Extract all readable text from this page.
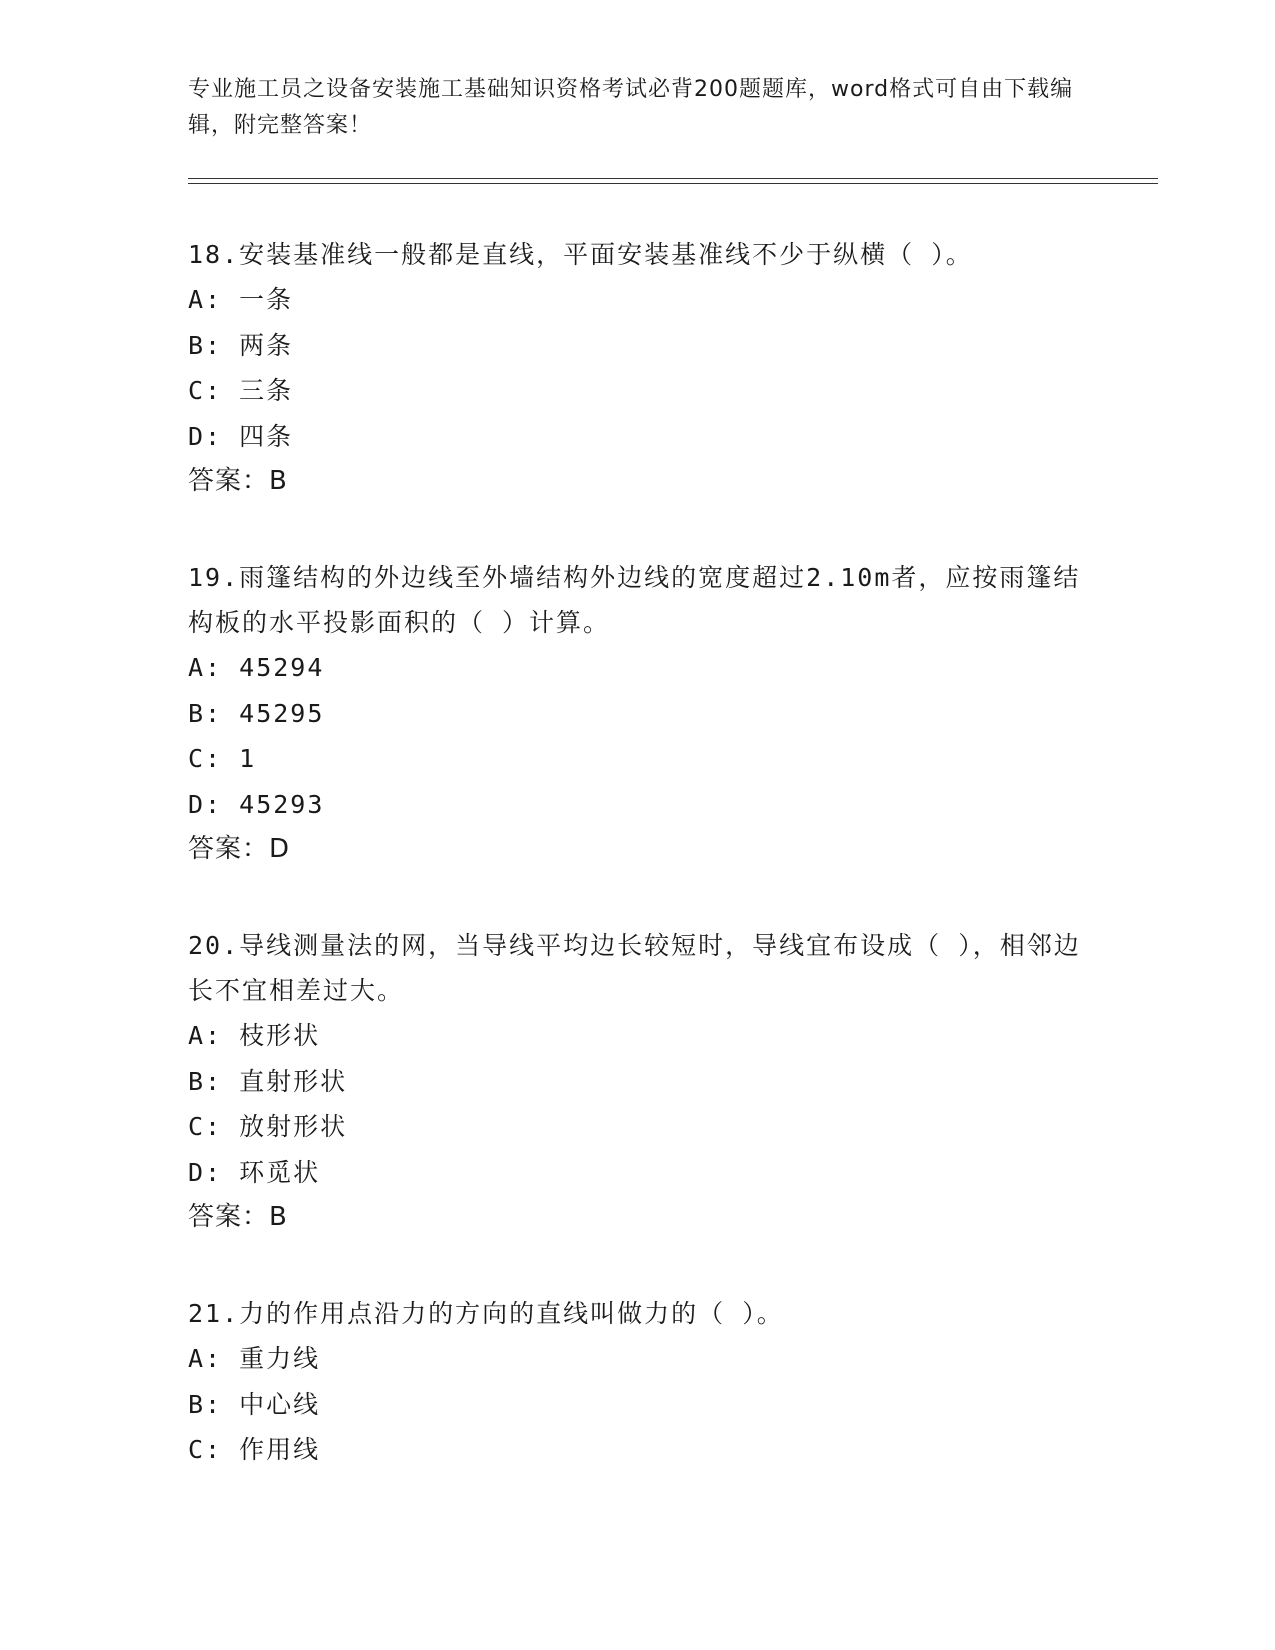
专业施工员之设备安装施工基础知识资格考试必背200题题库，word格式可自由下载编辑，附完整答案！

18.安装基准线一般都是直线，平面安装基准线不少于纵横（ ）。

A: 一条

B: 两条

C: 三条

D: 四条

答案：B

19.雨篷结构的外边线至外墙结构外边线的宽度超过2.10m者，应按雨篷结构板的水平投影面积的（ ）计算。

A: 45294

B: 45295

C: 1

D: 45293

答案：D

20.导线测量法的网，当导线平均边长较短时，导线宜布设成（ ），相邻边长不宜相差过大。

A: 枝形状

B: 直射形状

C: 放射形状

D: 环觅状

答案：B

21.力的作用点沿力的方向的直线叫做力的（ ）。

A: 重力线

B: 中心线

C: 作用线
